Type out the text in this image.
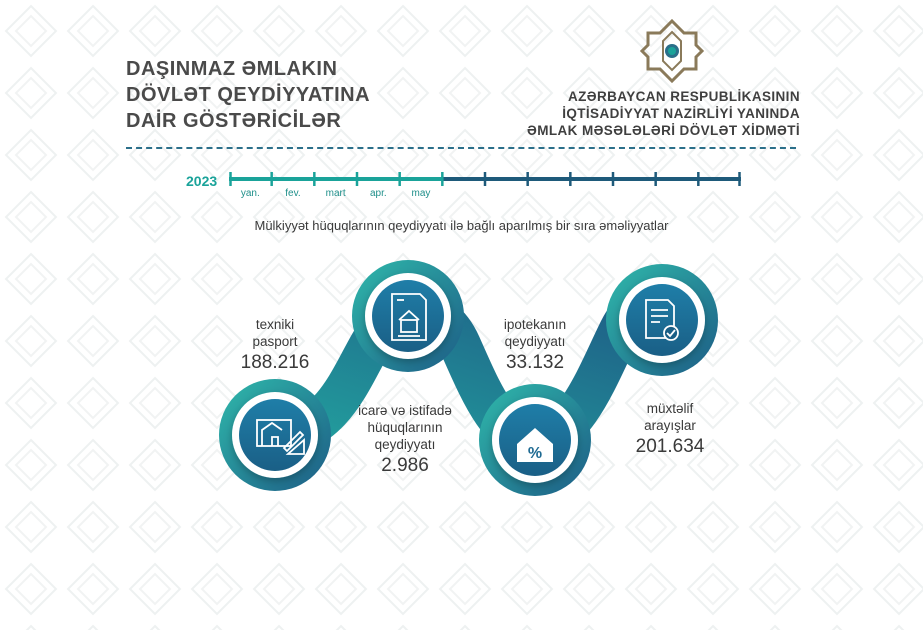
DAŞINMAZ ƏMLAKIN
DÖVLƏT QEYDİYYATINA
DAİR GÖSTƏRİCİLƏR
AZƏRBAYCAN RESPUBLİKASININ
İQTİSADİYYAT NAZİRLİYİ YANINDA
ƏMLAK MƏSƏLƏLƏRİ DÖVLƏT XİDMƏTİ
2023
yan.	fev.	mart	apr.	may
Mülkiyyət hüquqlarının qeydiyyatı ilə bağlı aparılmış bir sıra əməliyyatlar
%
texniki
pasport
188.216
icarə və istifadə
hüquqlarının
qeydiyyatı
2.986
ipotekanın
qeydiyyatı
33.132
müxtəlif
arayışlar
201.634
